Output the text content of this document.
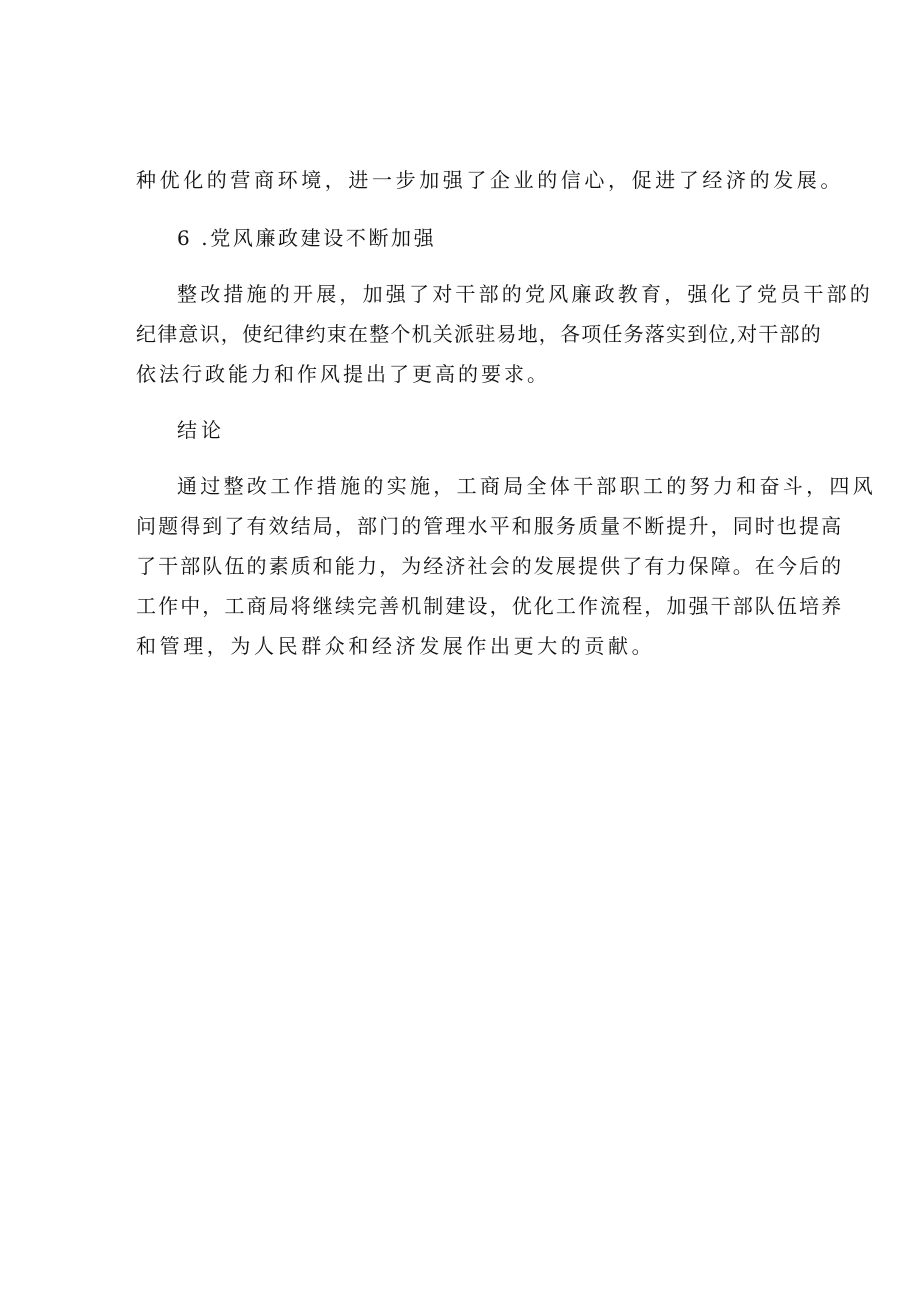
种优化的营商环境，进一步加强了企业的信心，促进了经济的发展。
6 .党风廉政建设不断加强
整改措施的开展，加强了对干部的党风廉政教育，强化了党员干部的
纪律意识，使纪律约束在整个机关派驻易地，各项任务落实到位,对干部的
依法行政能力和作风提出了更高的要求。
结论
通过整改工作措施的实施，工商局全体干部职工的努力和奋斗，四风
问题得到了有效结局，部门的管理水平和服务质量不断提升，同时也提高
了干部队伍的素质和能力，为经济社会的发展提供了有力保障。在今后的
工作中，工商局将继续完善机制建设，优化工作流程，加强干部队伍培养
和管理，为人民群众和经济发展作出更大的贡献。
